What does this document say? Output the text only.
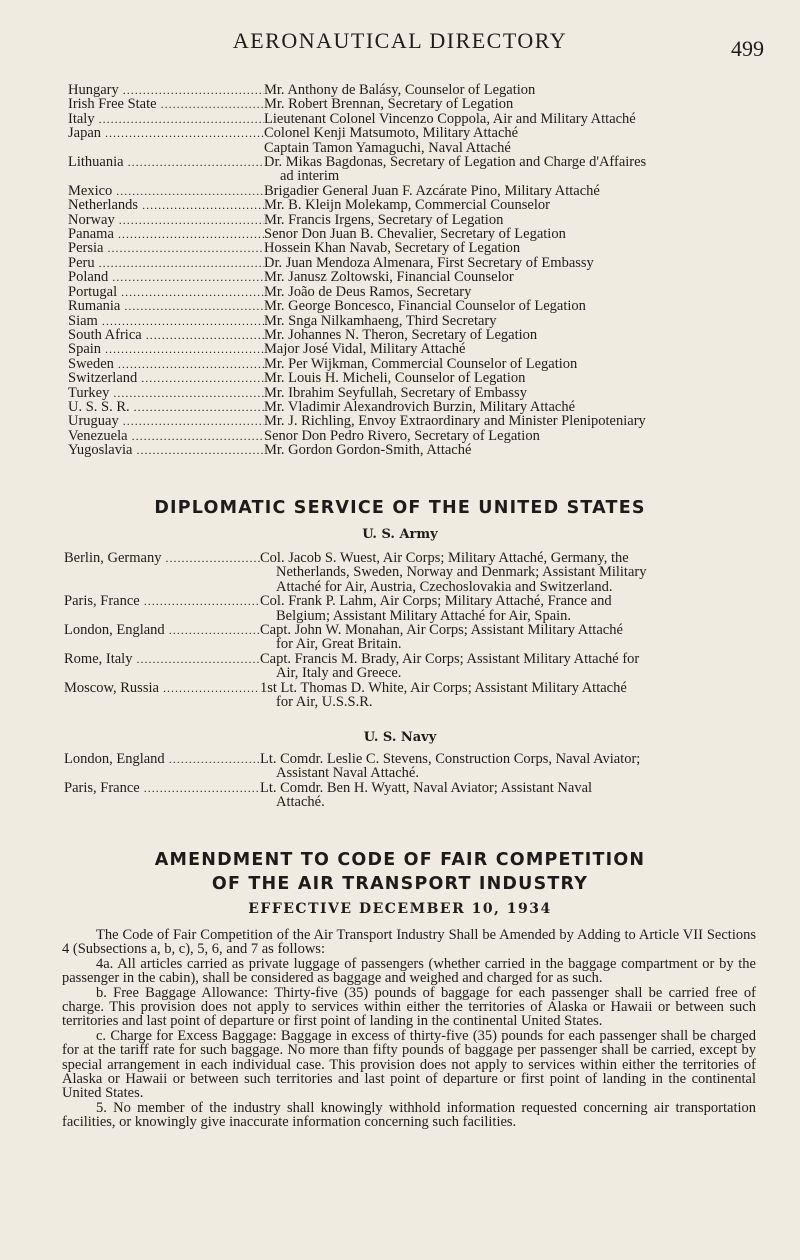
AERONAUTICAL DIRECTORY	499
Hungary .....	Mr. Anthony de Balásy, Counselor of Legation
Irish Free State .....	Mr. Robert Brennan, Secretary of Legation
Italy .....	Lieutenant Colonel Vincenzo Coppola, Air and Military Attaché
Japan .....	Colonel Kenji Matsumoto, Military Attaché
Captain Tamon Yamaguchi, Naval Attaché
Lithuania .....	Dr. Mikas Bagdonas, Secretary of Legation and Charge d'Affaires
ad interim
Mexico .....	Brigadier General Juan F. Azcárate Pino, Military Attaché
Netherlands .....	Mr. B. Kleijn Molekamp, Commercial Counselor
Norway .....	Mr. Francis Irgens, Secretary of Legation
Panama .....	Senor Don Juan B. Chevalier, Secretary of Legation
Persia .....	Hossein Khan Navab, Secretary of Legation
Peru .....	Dr. Juan Mendoza Almenara, First Secretary of Embassy
Poland .....	Mr. Janusz Zoltowski, Financial Counselor
Portugal .....	Mr. João de Deus Ramos, Secretary
Rumania .....	Mr. George Boncesco, Financial Counselor of Legation
Siam .....	Mr. Snga Nilkamhaeng, Third Secretary
South Africa .....	Mr. Johannes N. Theron, Secretary of Legation
Spain .....	Major José Vidal, Military Attaché
Sweden .....	Mr. Per Wijkman, Commercial Counselor of Legation
Switzerland .....	Mr. Louis H. Micheli, Counselor of Legation
Turkey .....	Mr. Ibrahim Seyfullah, Secretary of Embassy
U. S. S. R. .....	Mr. Vladimir Alexandrovich Burzin, Military Attaché
Uruguay .....	Mr. J. Richling, Envoy Extraordinary and Minister Plenipoteniary
Venezuela .....	Senor Don Pedro Rivero, Secretary of Legation
Yugoslavia .....	Mr. Gordon Gordon-Smith, Attaché
DIPLOMATIC SERVICE OF THE UNITED STATES
U. S. Army
Berlin, Germany .....	Col. Jacob S. Wuest, Air Corps; Military Attaché, Germany, the
Netherlands, Sweden, Norway and Denmark; Assistant Military
Attaché for Air, Austria, Czechoslovakia and Switzerland.
Paris, France .....	Col. Frank P. Lahm, Air Corps; Military Attaché, France and
Belgium; Assistant Military Attaché for Air, Spain.
London, England .....	Capt. John W. Monahan, Air Corps; Assistant Military Attaché
for Air, Great Britain.
Rome, Italy .....	Capt. Francis M. Brady, Air Corps; Assistant Military Attaché for
Air, Italy and Greece.
Moscow, Russia .....	1st Lt. Thomas D. White, Air Corps; Assistant Military Attaché
for Air, U.S.S.R.
U. S. Navy
London, England .....	Lt. Comdr. Leslie C. Stevens, Construction Corps, Naval Aviator;
Assistant Naval Attaché.
Paris, France .....	Lt. Comdr. Ben H. Wyatt, Naval Aviator; Assistant Naval
Attaché.
AMENDMENT TO CODE OF FAIR COMPETITION
OF THE AIR TRANSPORT INDUSTRY
EFFECTIVE DECEMBER 10, 1934

The Code of Fair Competition of the Air Transport Industry Shall be Amended by Adding to Article VII Sections 4 (Subsections a, b, c), 5, 6, and 7 as follows:

4a. All articles carried as private luggage of passengers (whether carried in the baggage compartment or by the passenger in the cabin), shall be considered as baggage and weighed and charged for as such.

b. Free Baggage Allowance: Thirty-five (35) pounds of baggage for each passenger shall be carried free of charge. This provision does not apply to services within either the territories of Alaska or Hawaii or between such territories and last point of departure or first point of landing in the continental United States.

c. Charge for Excess Baggage: Baggage in excess of thirty-five (35) pounds for each passenger shall be charged for at the tariff rate for such baggage. No more than fifty pounds of baggage per passenger shall be carried, except by special arrangement in each individual case. This provision does not apply to services within either the territories of Alaska or Hawaii or between such territories and last point of departure or first point of landing in the continental United States.

5. No member of the industry shall knowingly withhold information requested concerning air transportation facilities, or knowingly give inaccurate information concerning such facilities.
